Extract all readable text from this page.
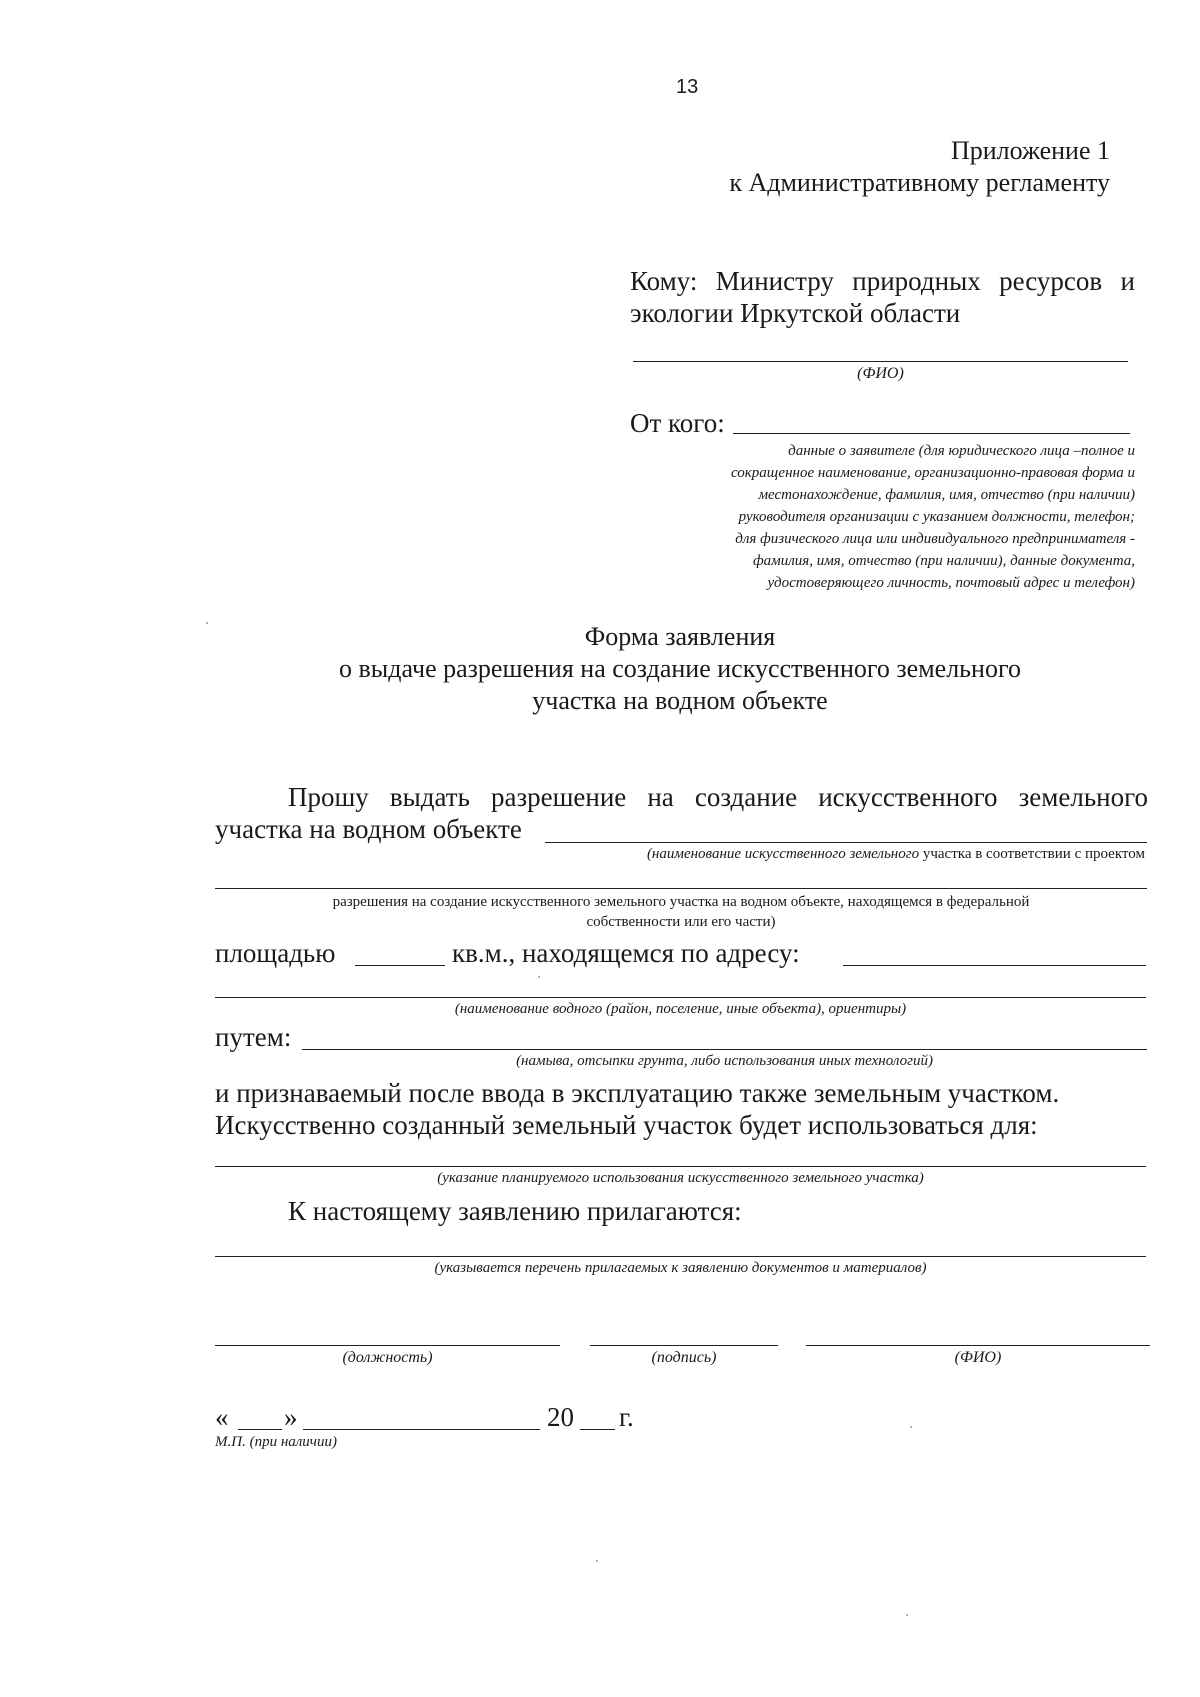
13
Приложение 1
к Административному регламенту
Кому: Министру природных ресурсов и
экологии Иркутской области
(ФИО)
От кого:
данные о заявителе (для юридического лица –полное и
сокращенное наименование, организационно-правовая форма и
местонахождение, фамилия, имя, отчество (при наличии)
руководителя организации с указанием должности, телефон;
для физического лица или индивидуального предпринимателя -
фамилия, имя, отчество (при наличии), данные документа,
удостоверяющего личность, почтовый адрес и телефон)
Форма заявления
о выдаче разрешения на создание искусственного земельного
участка на водном объекте
Прошу выдать разрешение на создание искусственного земельного
участка на водном объекте
(наименование искусственного земельного участка в соответствии с проектом
разрешения на создание искусственного земельного участка на водном объекте, находящемся в федеральной
собственности или его части)
площадью	кв.м., находящемся по адресу:
(наименование водного (район, поселение, иные объекта), ориентиры)
путем:
(намыва, отсыпки грунта, либо использования иных технологий)
и признаваемый после ввода в эксплуатацию также земельным участком.
Искусственно созданный земельный участок будет использоваться для:
(указание планируемого использования искусственного земельного участка)
К настоящему заявлению прилагаются:
(указывается перечень прилагаемых к заявлению документов и материалов)
(должность)	(подпись)	(ФИО)
« »	20 г.
М.П. (при наличии)
